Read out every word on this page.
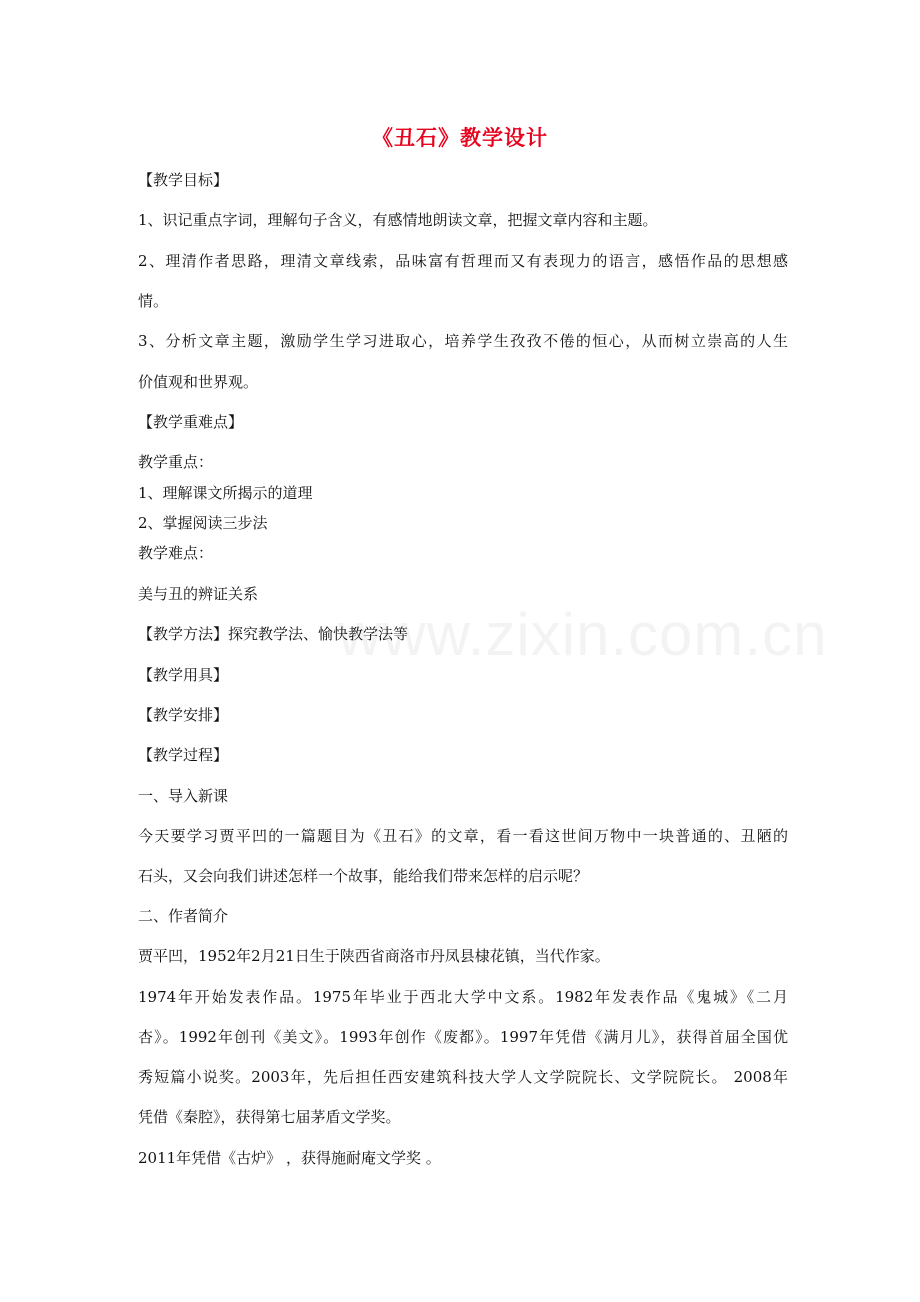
《丑石》教学设计
【教学目标】
1、识记重点字词，理解句子含义，有感情地朗读文章，把握文章内容和主题。
2、理清作者思路，理清文章线索，品味富有哲理而又有表现力的语言，感悟作品的思想感
情。
3、分析文章主题，激励学生学习进取心，培养学生孜孜不倦的恒心，从而树立崇高的人生
价值观和世界观。
【教学重难点】
教学重点：
1、理解课文所揭示的道理
2、掌握阅读三步法
教学难点：
美与丑的辨证关系
【教学方法】探究教学法、愉快教学法等
【教学用具】
【教学安排】
【教学过程】
一、导入新课
今天要学习贾平凹的一篇题目为《丑石》的文章，看一看这世间万物中一块普通的、丑陋的
石头，又会向我们讲述怎样一个故事，能给我们带来怎样的启示呢？
二、作者简介
贾平凹，1952年2月21日生于陕西省商洛市丹凤县棣花镇，当代作家。
1974年开始发表作品。1975年毕业于西北大学中文系。1982年发表作品《鬼城》《二月
杏》。1992年创刊《美文》。1993年创作《废都》。1997年凭借《满月儿》，获得首届全国优
秀短篇小说奖。2003年，先后担任西安建筑科技大学人文学院院长、文学院院长。 2008年
凭借《秦腔》，获得第七届茅盾文学奖。
2011年凭借《古炉》 ，获得施耐庵文学奖 。
